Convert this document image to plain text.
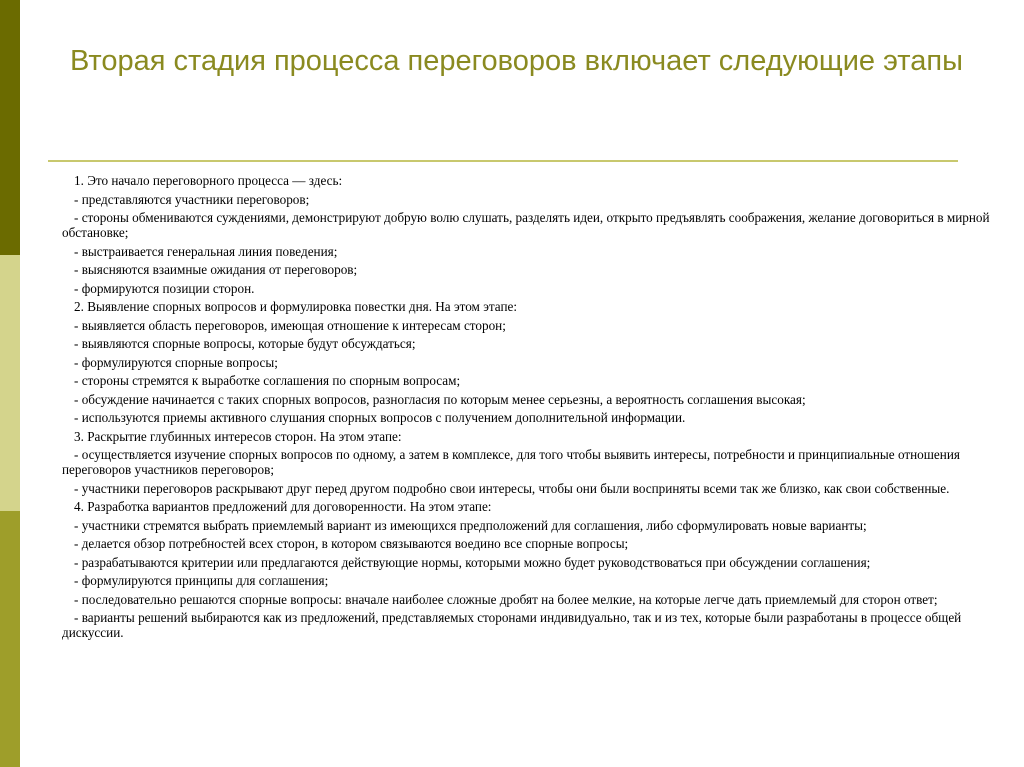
Вторая стадия процесса переговоров включает следующие этапы

1. Это начало переговорного процесса — здесь:

- представляются участники переговоров;

- стороны обмениваются суждениями, демонстрируют добрую волю слушать, разделять идеи, открыто предъявлять соображения, желание договориться в мирной обстановке;

- выстраивается генеральная линия поведения;

- выясняются взаимные ожидания от переговоров;

- формируются позиции сторон.

2. Выявление спорных вопросов и формулировка повестки дня. На этом этапе:

- выявляется область переговоров, имеющая отношение к интересам сторон;

- выявляются спорные вопросы, которые будут обсуждаться;

- формулируются спорные вопросы;

- стороны стремятся к выработке соглашения по спорным вопросам;

- обсуждение начинается с таких спорных вопросов, разногласия по которым менее серьезны, а вероятность соглашения высокая;

- используются приемы активного слушания спорных вопросов с получением дополнительной информации.

3. Раскрытие глубинных интересов сторон. На этом этапе:

- осуществляется изучение спорных вопросов по одному, а затем в комплексе, для того чтобы выявить интересы, потребности и принципиальные отношения переговоров участников переговоров;

- участники переговоров раскрывают друг перед другом подробно свои интересы, чтобы они были восприняты всеми так же близко, как свои собственные.

4. Разработка вариантов предложений для договоренности. На этом этапе:

- участники стремятся выбрать приемлемый вариант из имеющихся предположений для соглашения, либо сформулировать новые варианты;

- делается обзор потребностей всех сторон, в котором связываются воедино все спорные вопросы;

- разрабатываются критерии или предлагаются действующие нормы, которыми можно будет руководствоваться при обсуждении соглашения;

- формулируются принципы для соглашения;

- последовательно решаются спорные вопросы: вначале наиболее сложные дробят на более мелкие, на которые легче дать приемлемый для сторон ответ;

- варианты решений выбираются как из предложений, представляемых сторонами индивидуально, так и из тех, которые были разработаны в процессе общей дискуссии.
